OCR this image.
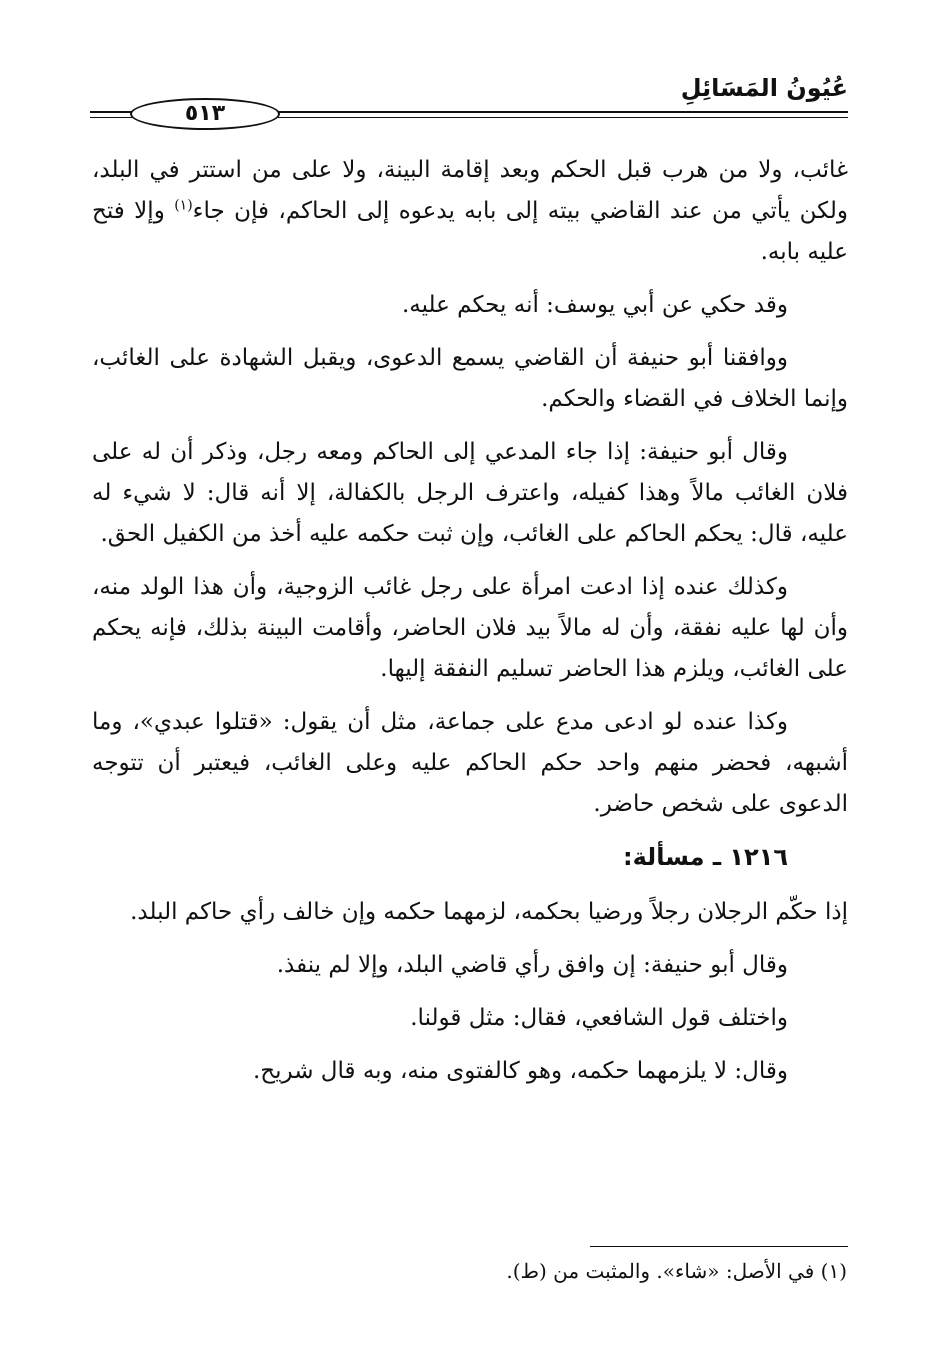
عُيُونُ المَسَائِلِ
٥١٣

غائب، ولا من هرب قبل الحكم وبعد إقامة البينة، ولا على من استتر في البلد، ولكن يأتي من عند القاضي بيته إلى بابه يدعوه إلى الحاكم، فإن جاء$^{(١)}$ وإلا فتح عليه بابه.

وقد حكي عن أبي يوسف: أنه يحكم عليه.

ووافقنا أبو حنيفة أن القاضي يسمع الدعوى، ويقبل الشهادة على الغائب، وإنما الخلاف في القضاء والحكم.

وقال أبو حنيفة: إذا جاء المدعي إلى الحاكم ومعه رجل، وذكر أن له على فلان الغائب مالاً وهذا كفيله، واعترف الرجل بالكفالة، إلا أنه قال: لا شيء له عليه، قال: يحكم الحاكم على الغائب، وإن ثبت حكمه عليه أخذ من الكفيل الحق.

وكذلك عنده إذا ادعت امرأة على رجل غائب الزوجية، وأن هذا الولد منه، وأن لها عليه نفقة، وأن له مالاً بيد فلان الحاضر، وأقامت البينة بذلك، فإنه يحكم على الغائب، ويلزم هذا الحاضر تسليم النفقة إليها.

وكذا عنده لو ادعى مدع على جماعة، مثل أن يقول: «قتلوا عبدي»، وما أشبهه، فحضر منهم واحد حكم الحاكم عليه وعلى الغائب، فيعتبر أن تتوجه الدعوى على شخص حاضر.

١٢١٦ ـ مسألة:

إذا حكّم الرجلان رجلاً ورضيا بحكمه، لزمهما حكمه وإن خالف رأي حاكم البلد.

وقال أبو حنيفة: إن وافق رأي قاضي البلد، وإلا لم ينفذ.

واختلف قول الشافعي، فقال: مثل قولنا.

وقال: لا يلزمهما حكمه، وهو كالفتوى منه، وبه قال شريح.

(١) في الأصل: «شاء». والمثبت من (ط).
